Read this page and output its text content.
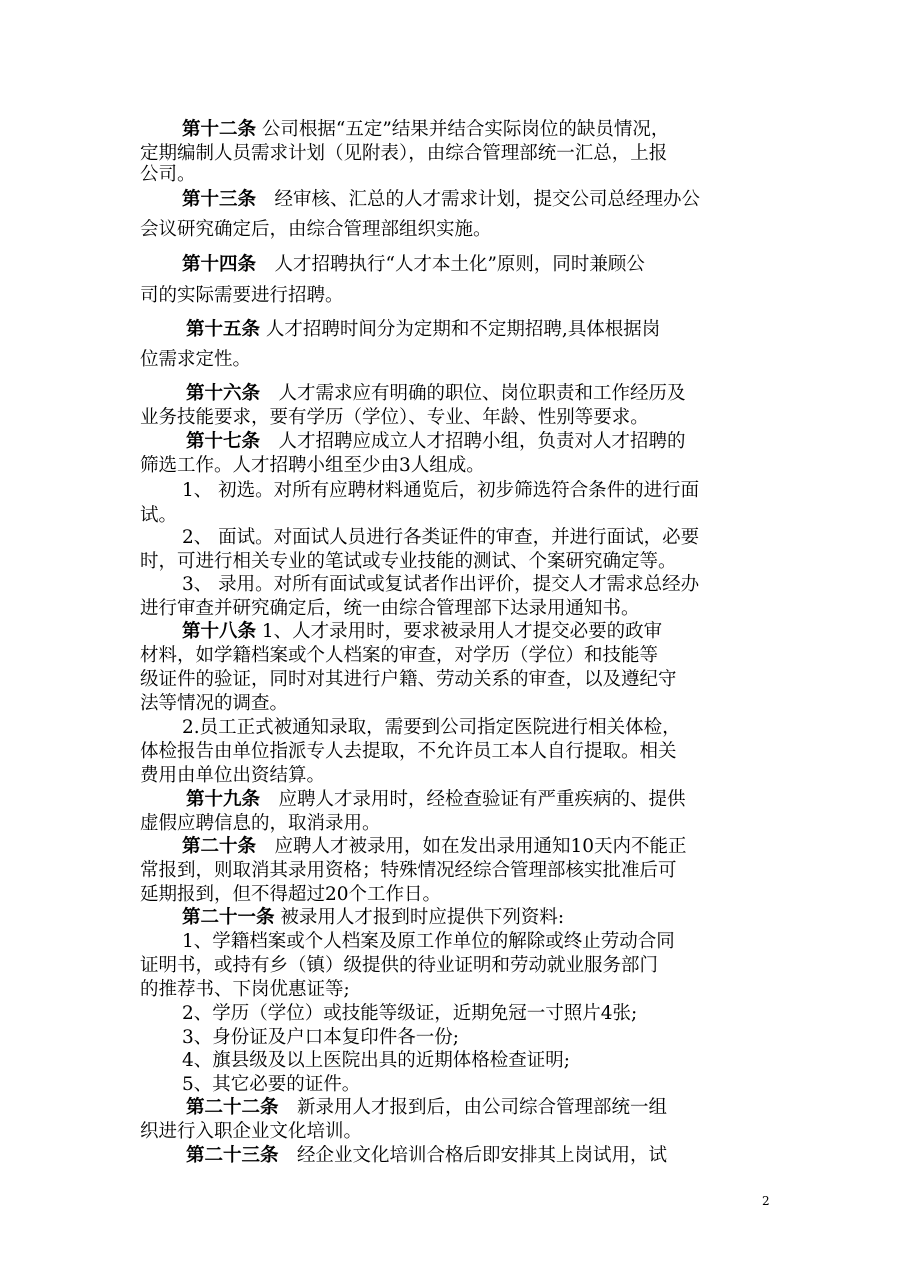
第十二条 公司根据“五定”结果并结合实际岗位的缺员情况，
定期编制人员需求计划（见附表），由综合管理部统一汇总，上报
公司。
第十三条　经审核、汇总的人才需求计划，提交公司总经理办公
会议研究确定后，由综合管理部组织实施。
第十四条　人才招聘执行“人才本土化”原则，同时兼顾公
司的实际需要进行招聘。
第十五条 人才招聘时间分为定期和不定期招聘,具体根据岗
位需求定性。
第十六条　人才需求应有明确的职位、岗位职责和工作经历及
业务技能要求，要有学历（学位）、专业、年龄、性别等要求。
第十七条　人才招聘应成立人才招聘小组，负责对人才招聘的
筛选工作。人才招聘小组至少由3人组成。
1、 初选。对所有应聘材料通览后，初步筛选符合条件的进行面
试。
2、 面试。对面试人员进行各类证件的审查，并进行面试，必要
时，可进行相关专业的笔试或专业技能的测试、个案研究确定等。
3、 录用。对所有面试或复试者作出评价，提交人才需求总经办
进行审查并研究确定后，统一由综合管理部下达录用通知书。
第十八条 1、人才录用时，要求被录用人才提交必要的政审
材料，如学籍档案或个人档案的审查，对学历（学位）和技能等
级证件的验证，同时对其进行户籍、劳动关系的审查，以及遵纪守
法等情况的调查。
2.员工正式被通知录取，需要到公司指定医院进行相关体检，
体检报告由单位指派专人去提取，不允许员工本人自行提取。相关
费用由单位出资结算。
第十九条　应聘人才录用时，经检查验证有严重疾病的、提供
虚假应聘信息的，取消录用。
第二十条　应聘人才被录用，如在发出录用通知10天内不能正
常报到，则取消其录用资格；特殊情况经综合管理部核实批准后可
延期报到，但不得超过20个工作日。
第二十一条 被录用人才报到时应提供下列资料:
1、学籍档案或个人档案及原工作单位的解除或终止劳动合同
证明书，或持有乡（镇）级提供的待业证明和劳动就业服务部门
的推荐书、下岗优惠证等;
2、学历（学位）或技能等级证，近期免冠一寸照片4张;
3、身份证及户口本复印件各一份;
4、旗县级及以上医院出具的近期体格检查证明;
5、其它必要的证件。
第二十二条　新录用人才报到后，由公司综合管理部统一组
织进行入职企业文化培训。
第二十三条　经企业文化培训合格后即安排其上岗试用，试
2
